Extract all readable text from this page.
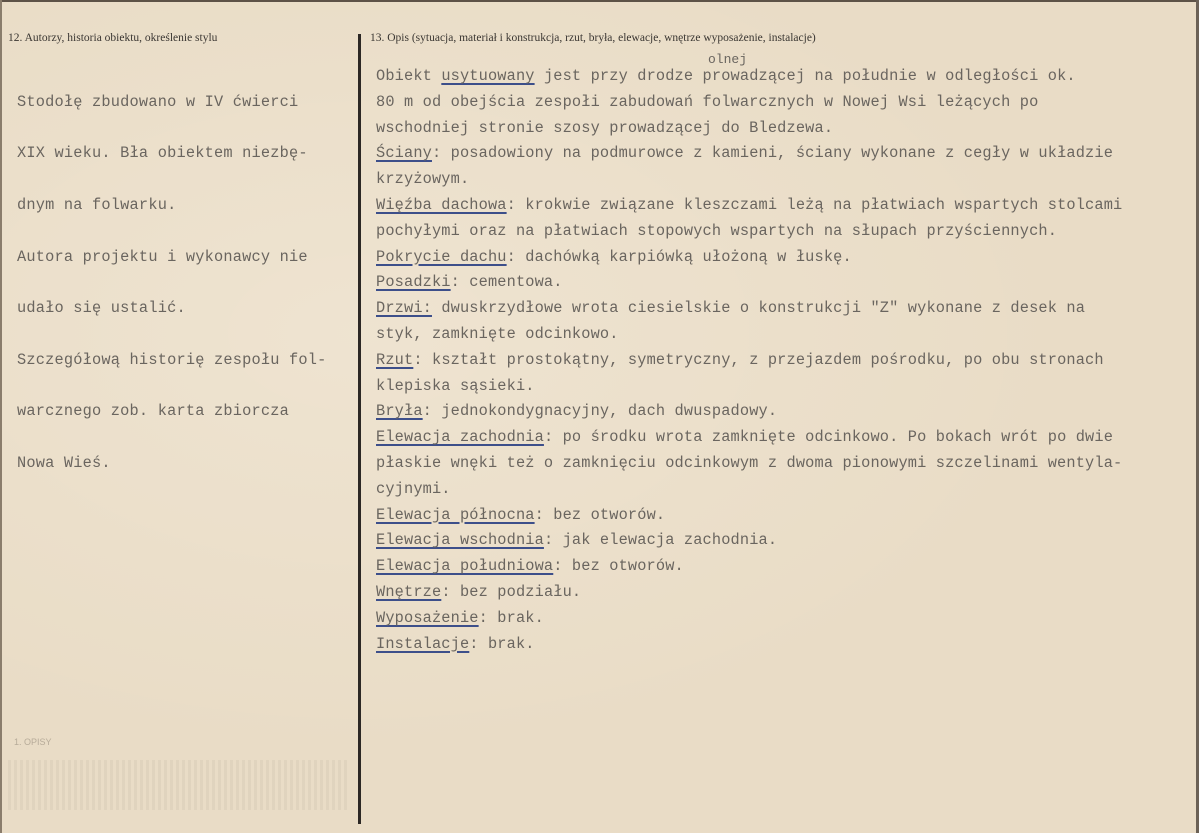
12. Autorzy, historia obiektu, określenie stylu	13. Opis (sytuacja, materiał i konstrukcja, rzut, bryła, elewacje, wnętrze wyposażenie, instalacje)

Stodołę zbudowano w IV ćwierci

XIX wieku. Bła obiektem niezbę-

dnym na folwarku.

Autora projektu i wykonawcy nie

udało się ustalić.

Szczegółową historię zespołu fol-

warcznego zob. karta zbiorcza

Nowa Wieś.

olnej
Obiekt usytuowany jest przy drodze prowadzącej na południe w odległości ok.
80 m od obejścia zespołi zabudowań folwarcznych w Nowej Wsi leżących po
wschodniej stronie szosy prowadzącej do Bledzewa.
Ściany: posadowiony na podmurowce z kamieni, ściany wykonane z cegły w układzie
krzyżowym.
Więźba dachowa: krokwie związane kleszczami leżą na płatwiach wspartych stolcami
pochyłymi oraz na płatwiach stopowych wspartych na słupach przyściennych.
Pokrycie dachu: dachówką karpiówką ułożoną w łuskę.
Posadzki: cementowa.
Drzwi: dwuskrzydłowe wrota ciesielskie o konstrukcji "Z" wykonane z desek na
styk, zamknięte odcinkowo.
Rzut: kształt prostokątny, symetryczny, z przejazdem pośrodku, po obu stronach
klepiska sąsieki.
Bryła: jednokondygnacyjny, dach dwuspadowy.
Elewacja zachodnia: po środku wrota zamknięte odcinkowo. Po bokach wrót po dwie
płaskie wnęki też o zamknięciu odcinkowym z dwoma pionowymi szczelinami wentyla-
cyjnymi.
Elewacja północna: bez otworów.
Elewacja wschodnia: jak elewacja zachodnia.
Elewacja południowa: bez otworów.
Wnętrze: bez podziału.
Wyposażenie: brak.
Instalacje: brak.
1. OPISY
